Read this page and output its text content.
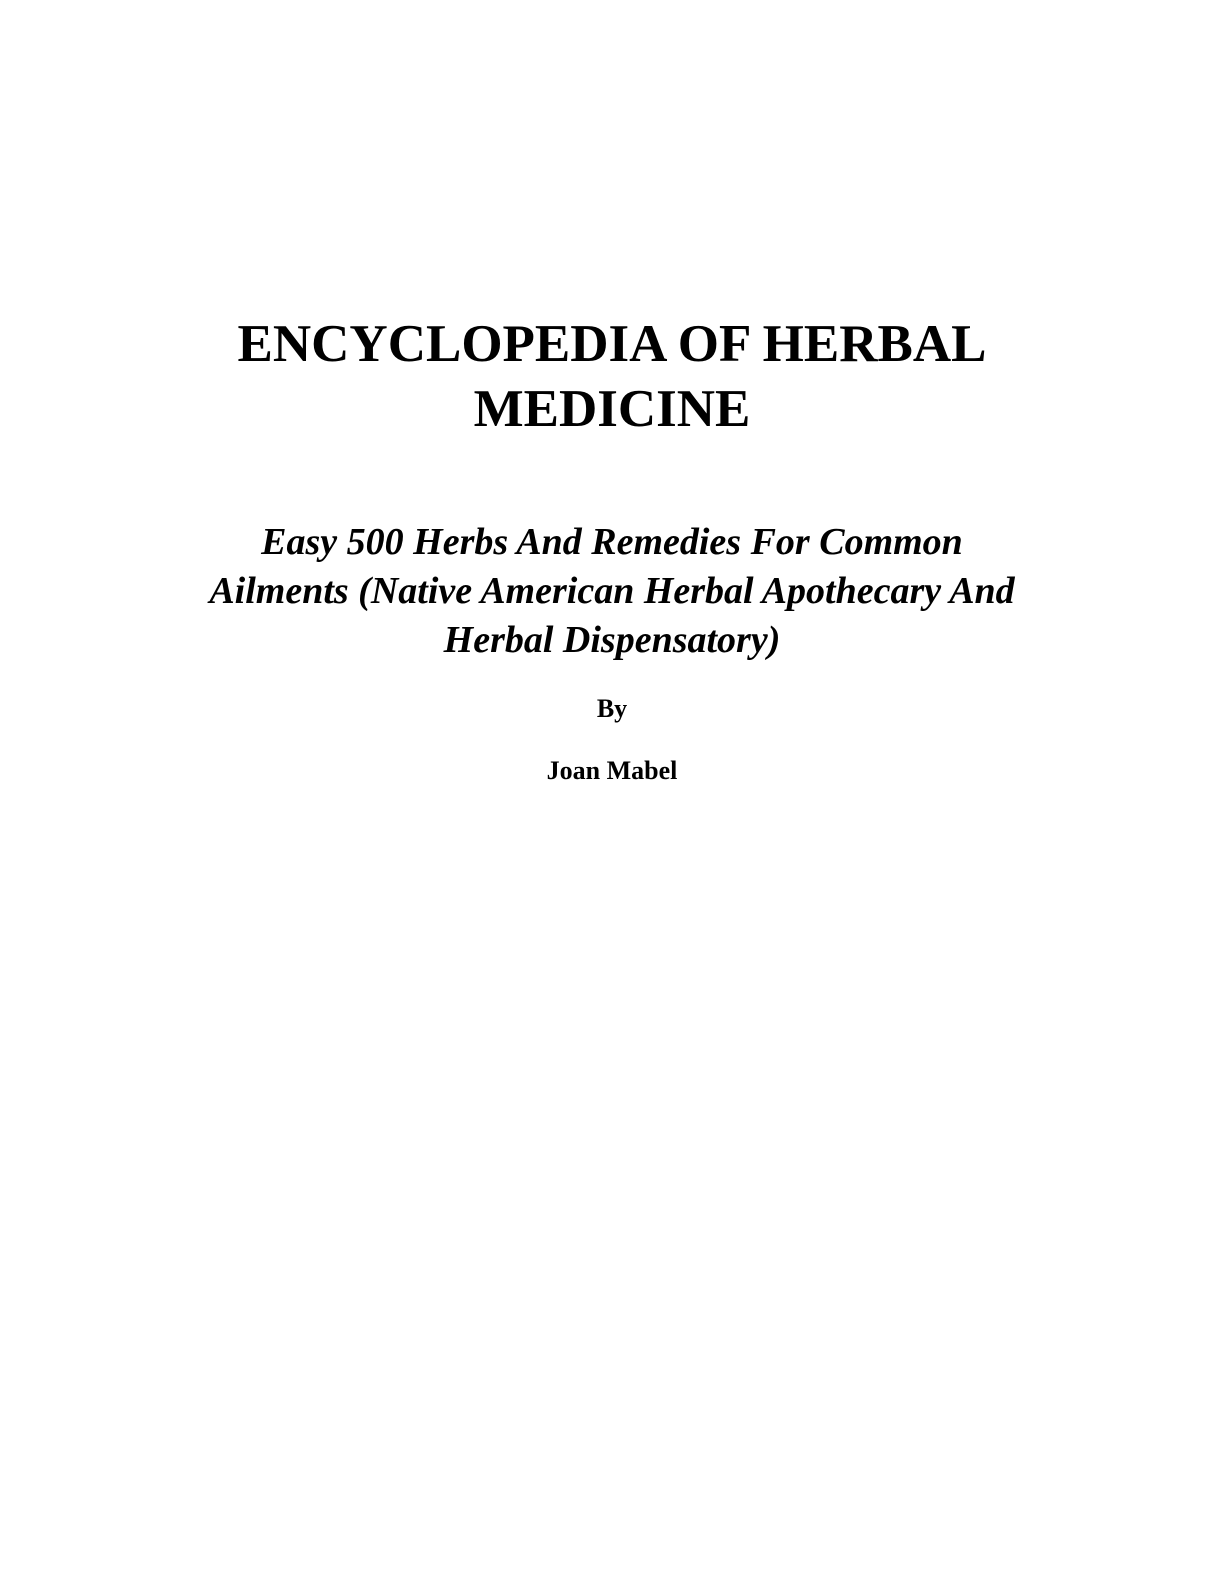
ENCYCLOPEDIA OF HERBAL

MEDICINE

Easy 500 Herbs And Remedies For Common

Ailments (Native American Herbal Apothecary And

Herbal Dispensatory)

By

Joan Mabel
